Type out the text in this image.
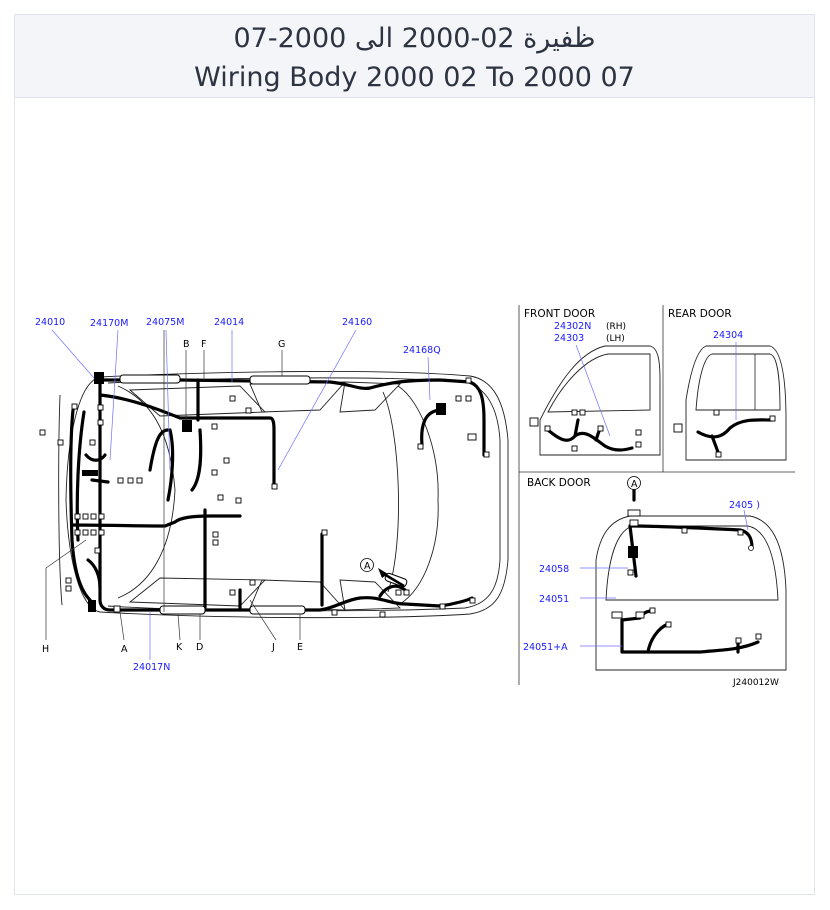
ظفيرة 02-2000 الى 2000-07
Wiring Body 2000 02 To 2000 07
24010	24170M 24075M	24014	24160
24168Q
24017N
24302N
24303	24304
24058
24051
24051+A
2405 )
B F	G
H	A	K D	J E
A
A
FRONT DOOR	REAR DOOR
BACK DOOR
(RH)
(LH)
J240012W
